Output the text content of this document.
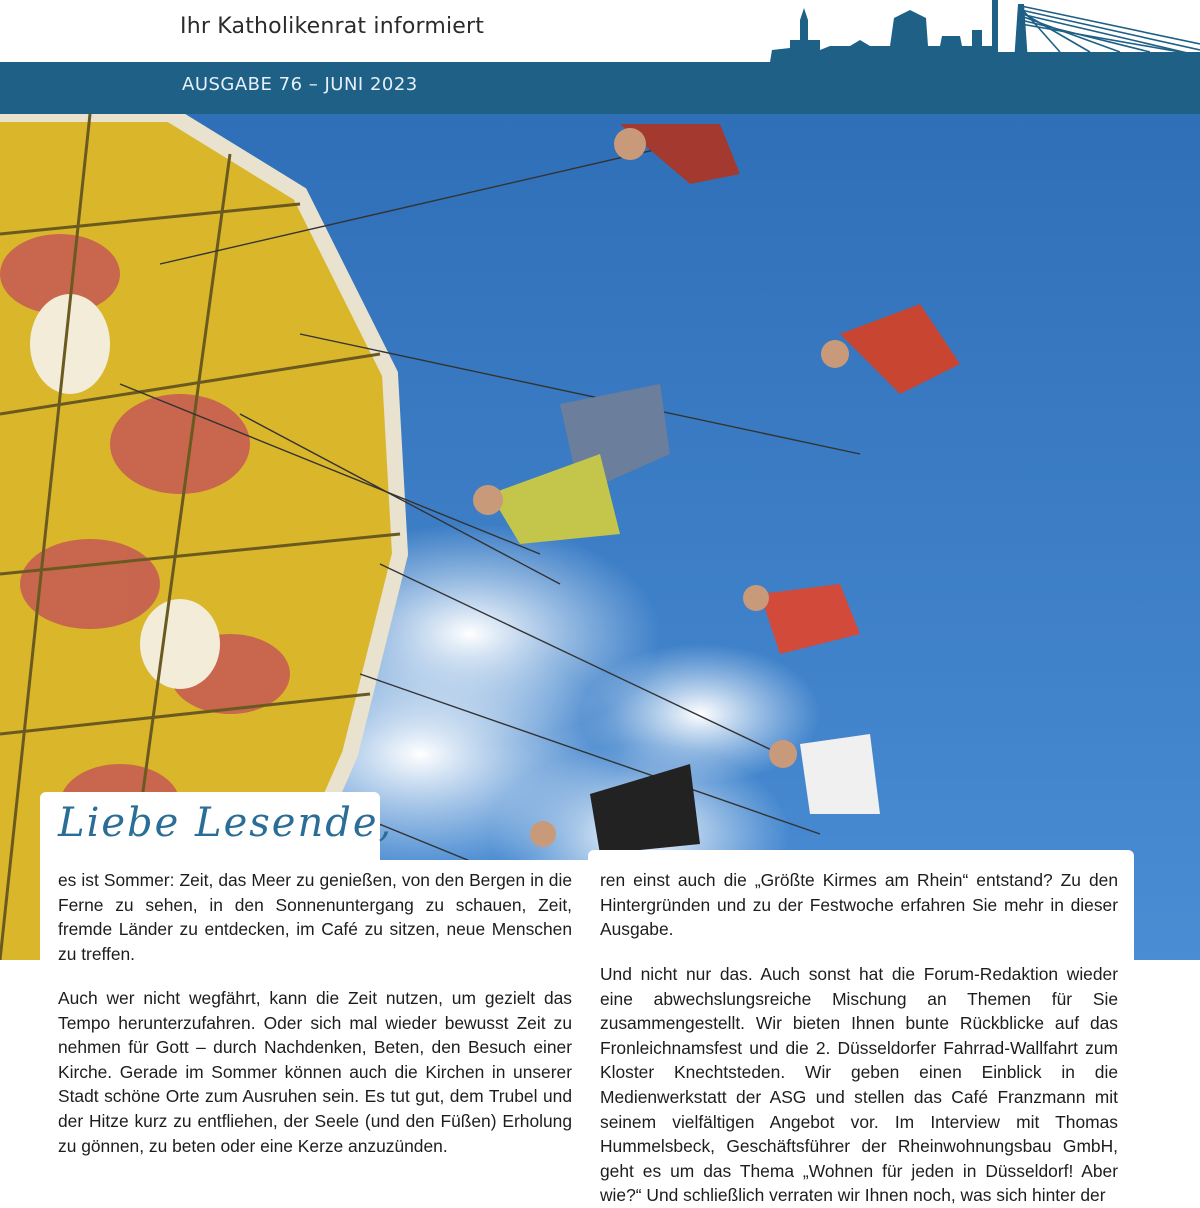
Ihr Katholikenrat informiert
AUSGABE 76 – JUNI 2023
Liebe Lesende,

es ist Sommer: Zeit, das Meer zu genießen, von den Bergen in die Ferne zu sehen, in den Sonnenuntergang zu schauen, Zeit, fremde Länder zu entdecken, im Café zu sitzen, neue Menschen zu treffen.

Auch wer nicht wegfährt, kann die Zeit nutzen, um gezielt das Tempo herunterzufahren. Oder sich mal wieder bewusst Zeit zu nehmen für Gott – durch Nachdenken, Beten, den Besuch einer Kirche. Gerade im Sommer können auch die Kirchen in unserer Stadt schöne Orte zum Ausruhen sein. Es tut gut, dem Trubel und der Hitze kurz zu entfliehen, der Seele (und den Füßen) Erholung zu gönnen, zu beten oder eine Kerze anzuzünden.

ren einst auch die „Größte Kirmes am Rhein“ entstand? Zu den Hintergründen und zu der Festwoche erfahren Sie mehr in dieser Ausgabe.

Und nicht nur das. Auch sonst hat die Forum-Redaktion wieder eine abwechslungsreiche Mischung an Themen für Sie zusammengestellt. Wir bieten Ihnen bunte Rückblicke auf das Fronleichnamsfest und die 2. Düsseldorfer Fahrrad-Wallfahrt zum Kloster Knechtsteden. Wir geben einen Einblick in die Medienwerkstatt der ASG und stellen das Café Franzmann mit seinem vielfältigen Angebot vor. Im Interview mit Thomas Hummelsbeck, Geschäftsführer der Rheinwohnungsbau GmbH, geht es um das Thema „Wohnen für jeden in Düsseldorf! Aber wie?“ Und schließlich verraten wir Ihnen noch, was sich hinter der
